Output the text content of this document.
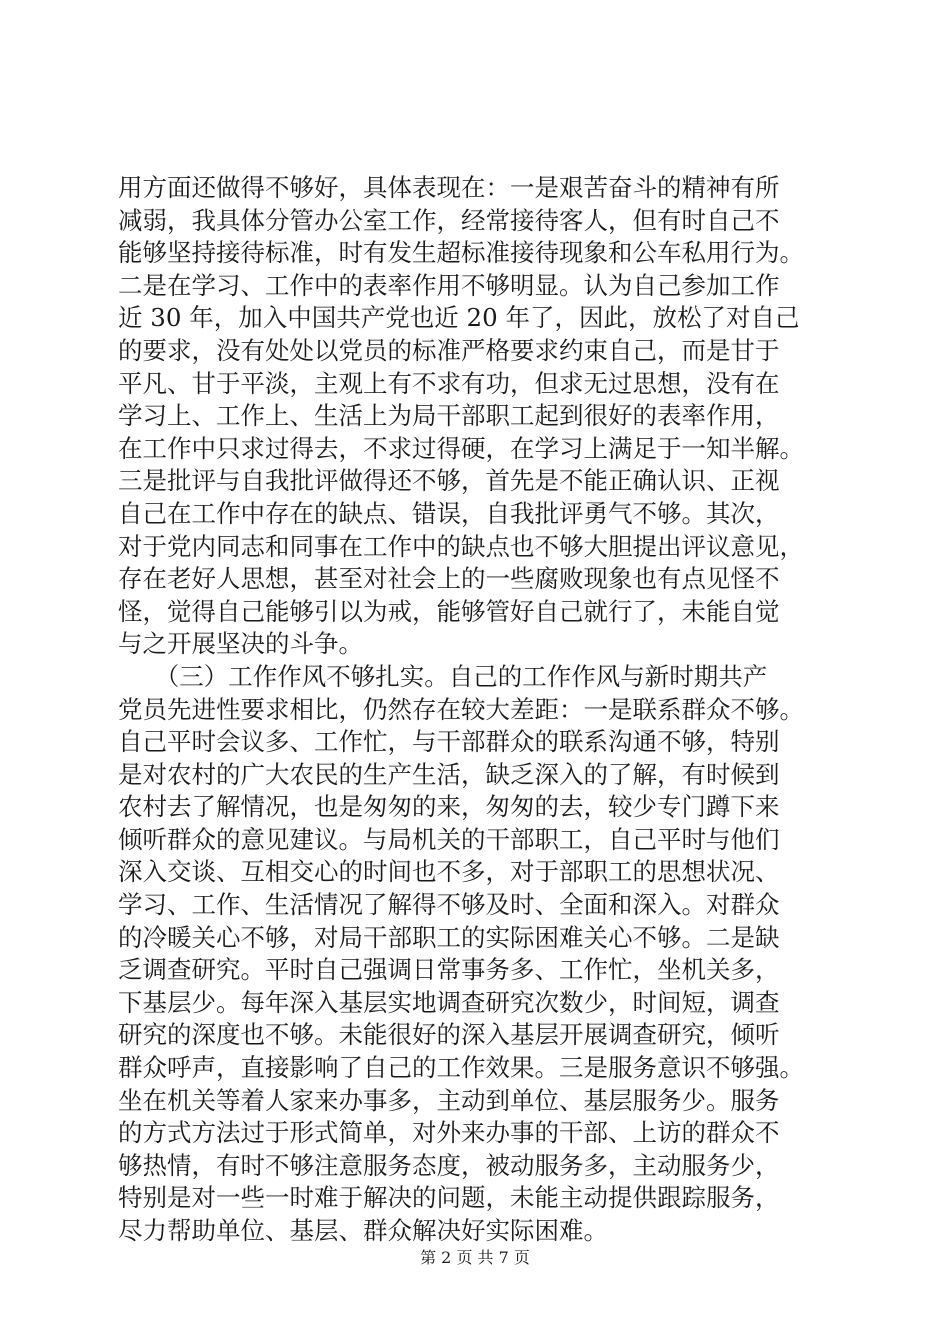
用方面还做得不够好，具体表现在：一是艰苦奋斗的精神有所
减弱，我具体分管办公室工作，经常接待客人，但有时自己不
能够坚持接待标准，时有发生超标准接待现象和公车私用行为。
二是在学习、工作中的表率作用不够明显。认为自己参加工作
近 30 年，加入中国共产党也近 20 年了，因此，放松了对自己
的要求，没有处处以党员的标准严格要求约束自己，而是甘于
平凡、甘于平淡，主观上有不求有功，但求无过思想，没有在
学习上、工作上、生活上为局干部职工起到很好的表率作用，
在工作中只求过得去，不求过得硬，在学习上满足于一知半解。
三是批评与自我批评做得还不够，首先是不能正确认识、正视
自己在工作中存在的缺点、错误，自我批评勇气不够。其次，
对于党内同志和同事在工作中的缺点也不够大胆提出评议意见，
存在老好人思想，甚至对社会上的一些腐败现象也有点见怪不
怪，觉得自己能够引以为戒，能够管好自己就行了，未能自觉
与之开展坚决的斗争。
　　（三）工作作风不够扎实。自己的工作作风与新时期共产
党员先进性要求相比，仍然存在较大差距：一是联系群众不够。
自己平时会议多、工作忙，与干部群众的联系沟通不够，特别
是对农村的广大农民的生产生活，缺乏深入的了解，有时候到
农村去了解情况，也是匆匆的来，匆匆的去，较少专门蹲下来
倾听群众的意见建议。与局机关的干部职工，自己平时与他们
深入交谈、互相交心的时间也不多，对于部职工的思想状况、
学习、工作、生活情况了解得不够及时、全面和深入。对群众
的冷暖关心不够，对局干部职工的实际困难关心不够。二是缺
乏调查研究。平时自己强调日常事务多、工作忙，坐机关多，
下基层少。每年深入基层实地调查研究次数少，时间短，调查
研究的深度也不够。未能很好的深入基层开展调查研究，倾听
群众呼声，直接影响了自己的工作效果。三是服务意识不够强。
坐在机关等着人家来办事多，主动到单位、基层服务少。服务
的方式方法过于形式简单，对外来办事的干部、上访的群众不
够热情，有时不够注意服务态度，被动服务多，主动服务少，
特别是对一些一时难于解决的问题，未能主动提供跟踪服务，
尽力帮助单位、基层、群众解决好实际困难。
第 2 页 共 7 页
